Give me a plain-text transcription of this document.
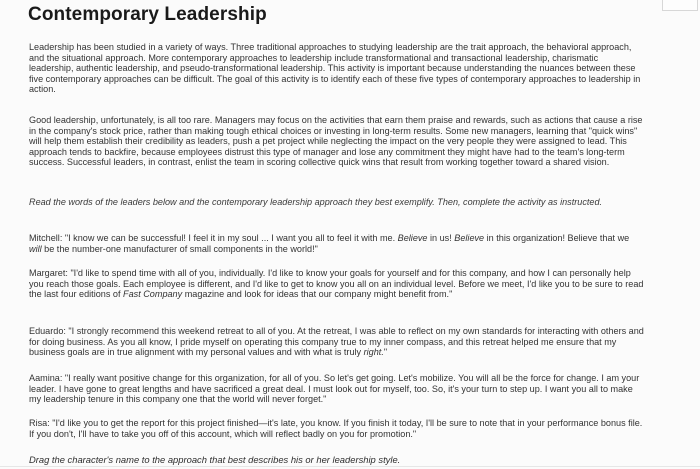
Contemporary Leadership

Leadership has been studied in a variety of ways. Three traditional approaches to studying leadership are the trait approach, the behavioral approach, and the situational approach. More contemporary approaches to leadership include transformational and transactional leadership, charismatic leadership, authentic leadership, and pseudo-transformational leadership. This activity is important because understanding the nuances between these five contemporary approaches can be difficult. The goal of this activity is to identify each of these five types of contemporary approaches to leadership in action.

Good leadership, unfortunately, is all too rare. Managers may focus on the activities that earn them praise and rewards, such as actions that cause a rise in the company's stock price, rather than making tough ethical choices or investing in long-term results. Some new managers, learning that "quick wins" will help them establish their credibility as leaders, push a pet project while neglecting the impact on the very people they were assigned to lead. This approach tends to backfire, because employees distrust this type of manager and lose any commitment they might have had to the team's long-term success. Successful leaders, in contrast, enlist the team in scoring collective quick wins that result from working together toward a shared vision.

Read the words of the leaders below and the contemporary leadership approach they best exemplify. Then, complete the activity as instructed.

Mitchell: "I know we can be successful! I feel it in my soul ... I want you all to feel it with me. Believe in us! Believe in this organization! Believe that we will be the number-one manufacturer of small components in the world!"

Margaret: "I'd like to spend time with all of you, individually. I'd like to know your goals for yourself and for this company, and how I can personally help you reach those goals. Each employee is different, and I'd like to get to know you all on an individual level. Before we meet, I'd like you to be sure to read the last four editions of Fast Company magazine and look for ideas that our company might benefit from."

Eduardo: "I strongly recommend this weekend retreat to all of you. At the retreat, I was able to reflect on my own standards for interacting with others and for doing business. As you all know, I pride myself on operating this company true to my inner compass, and this retreat helped me ensure that my business goals are in true alignment with my personal values and with what is truly right."

Aamina: "I really want positive change for this organization, for all of you. So let's get going. Let's mobilize. You will all be the force for change. I am your leader. I have gone to great lengths and have sacrificed a great deal. I must look out for myself, too. So, it's your turn to step up. I want you all to make my leadership tenure in this company one that the world will never forget."

Risa: "I'd like you to get the report for this project finished—it's late, you know. If you finish it today, I'll be sure to note that in your performance bonus file. If you don't, I'll have to take you off of this account, which will reflect badly on you for promotion."

Drag the character's name to the approach that best describes his or her leadership style.
